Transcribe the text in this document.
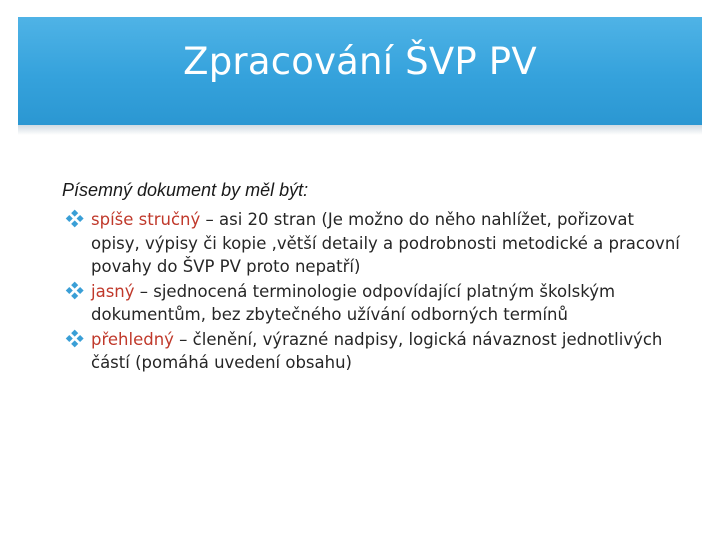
Zpracování ŠVP PV

Písemný dokument by měl být:

spíše stručný – asi 20 stran (Je možno do něho nahlížet, pořizovat opisy, výpisy či kopie ,větší detaily a podrobnosti metodické a pracovní povahy do ŠVP PV proto nepatří)
jasný – sjednocená terminologie odpovídající platným školským dokumentům, bez zbytečného užívání odborných termínů
přehledný – členění, výrazné nadpisy, logická návaznost jednotlivých částí (pomáhá uvedení obsahu)
